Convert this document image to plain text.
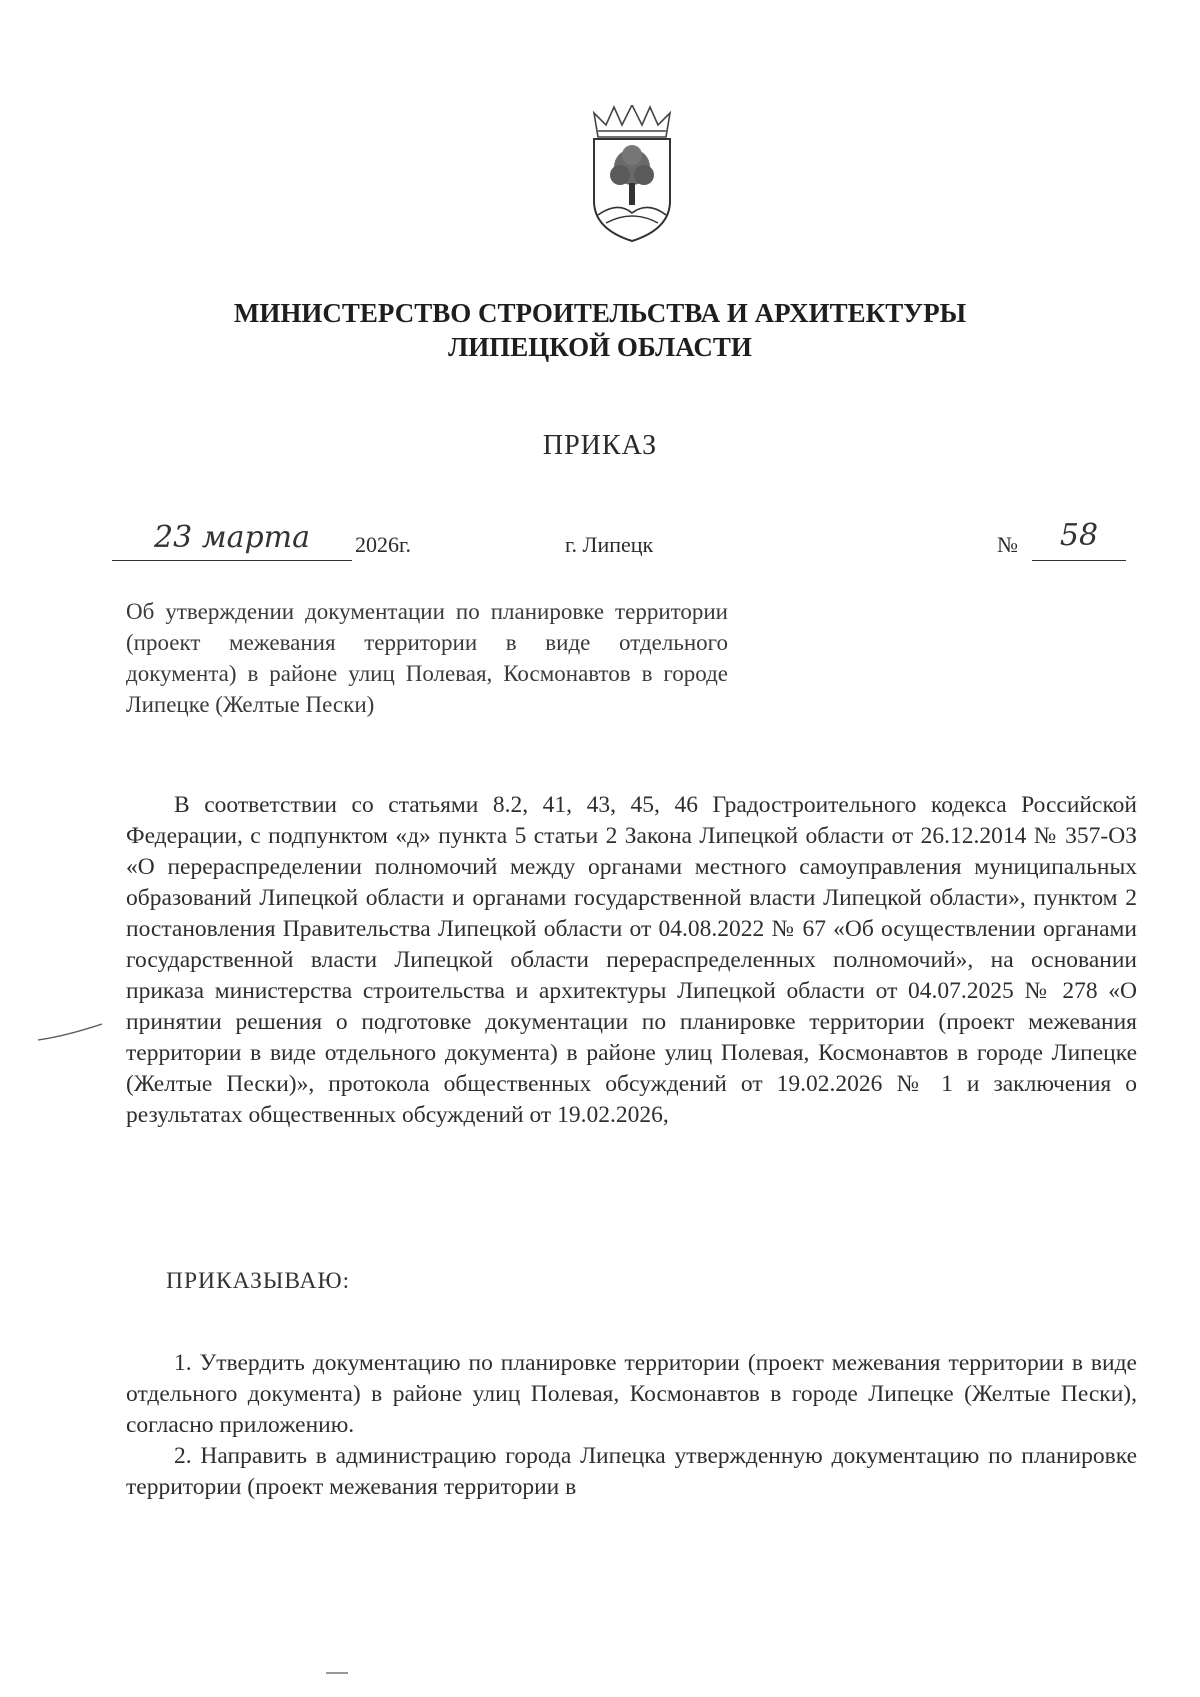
МИНИСТЕРСТВО СТРОИТЕЛЬСТВА И АРХИТЕКТУРЫ
ЛИПЕЦКОЙ ОБЛАСТИ
ПРИКАЗ
23 марта	2026г.	г. Липецк	№	58
Об утверждении документации по планировке территории (проект межевания территории в виде отдельного документа) в районе улиц Полевая, Космонавтов в городе Липецке (Желтые Пески)

В соответствии со статьями 8.2, 41, 43, 45, 46 Градостроительного кодекса Российской Федерации, с подпунктом «д» пункта 5 статьи 2 Закона Липецкой области от 26.12.2014 № 357-ОЗ «О перераспределении полномочий между органами местного самоуправления муниципальных образований Липецкой области и органами государственной власти Липецкой области», пунктом 2 постановления Правительства Липецкой области от 04.08.2022 № 67 «Об осуществлении органами государственной власти Липецкой области перераспределенных полномочий», на основании приказа министерства строительства и архитектуры Липецкой области от 04.07.2025 № 278 «О принятии решения о подготовке документации по планировке территории (проект межевания территории в виде отдельного документа) в районе улиц Полевая, Космонавтов в городе Липецке (Желтые Пески)», протокола общественных обсуждений от 19.02.2026 № 1 и заключения о результатах общественных обсуждений от 19.02.2026,

ПРИКАЗЫВАЮ:

1. Утвердить документацию по планировке территории (проект межевания территории в виде отдельного документа) в районе улиц Полевая, Космонавтов в городе Липецке (Желтые Пески), согласно приложению.

2. Направить в администрацию города Липецка утвержденную документацию по планировке территории (проект межевания территории в
